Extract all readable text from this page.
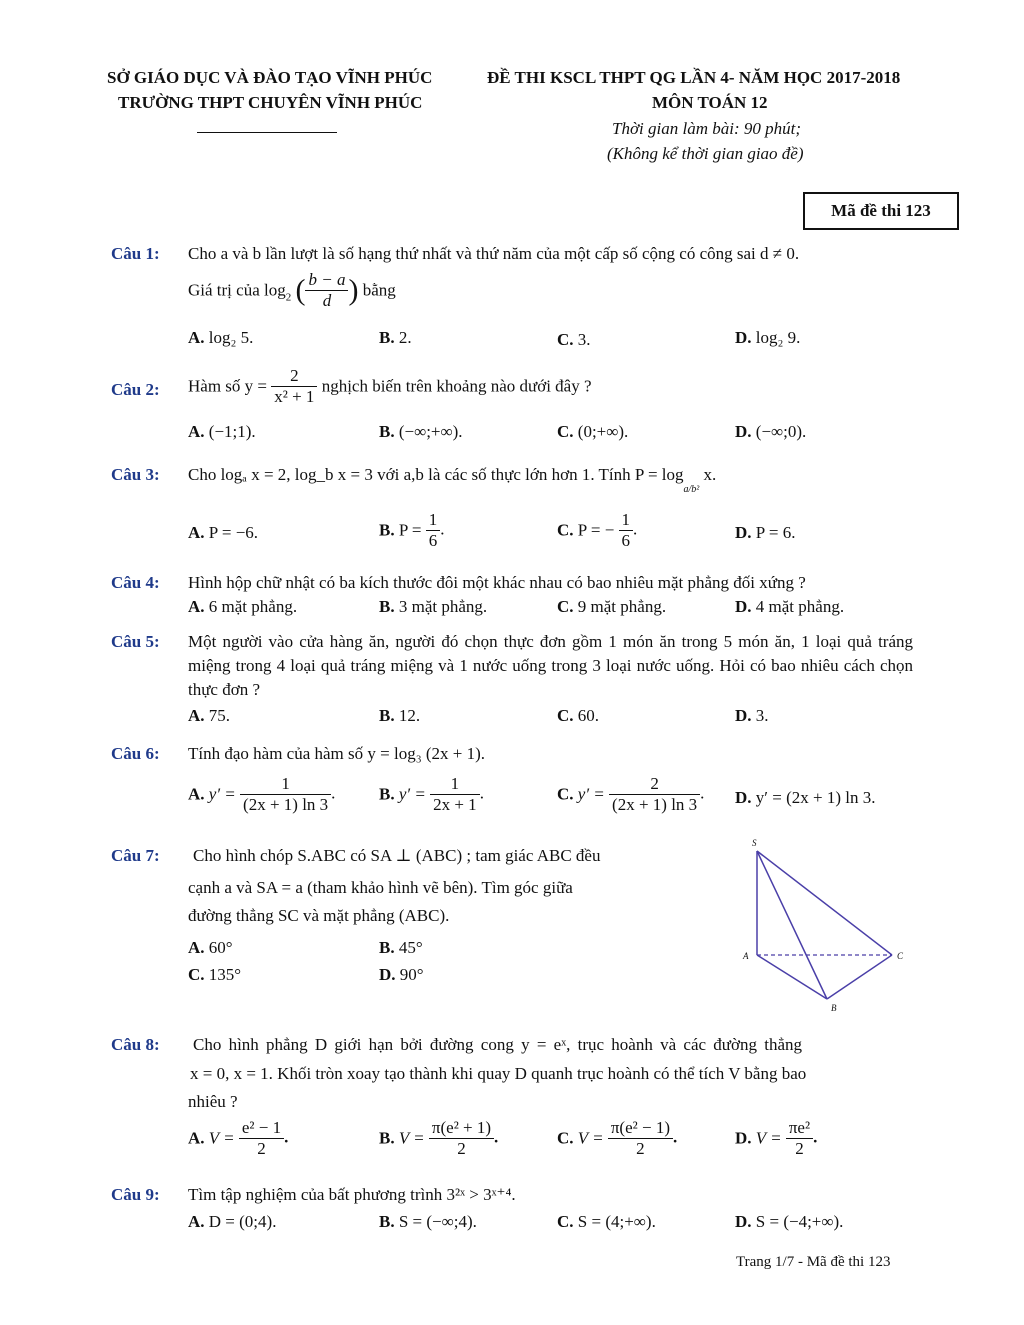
SỞ GIÁO DỤC VÀ ĐÀO TẠO VĨNH PHÚC
TRƯỜNG THPT CHUYÊN VĨNH PHÚC
ĐỀ THI KSCL THPT QG LẦN 4- NĂM HỌC 2017-2018
MÔN TOÁN 12
Thời gian làm bài: 90 phút;
(Không kể thời gian giao đề)
Mã đề thi 123
Câu 1: Cho a và b lần lượt là số hạng thứ nhất và thứ năm của một cấp số cộng có công sai d ≠ 0.
Giá trị của $\log_2$ ( $\frac{b - a}{d}$ ) bằng
A. log₂ 5.	B. 2.	C. 3.	D. log₂ 9.
Câu 2: Hàm số $y = \frac{2}{\text{x² + 1}}$ nghịch biến trên khoảng nào dưới đây ?
A. (−1;1).	B. (−∞;+∞).	C. (0;+∞).	D. (−∞;0).
Câu 3: Cho logₐ x = 2, log_b x = 3 với a,b là các số thực lớn hơn 1. Tính $P = \log_{a/b^2} x$.
A. P = −6.	B. $P = \frac{1}{6}$ .	C. P = − $\frac{1}{6}$ .	D. P = 6.
Câu 4: Hình hộp chữ nhật có ba kích thước đôi một khác nhau có bao nhiêu mặt phẳng đối xứng ?
A. 6 mặt phẳng.	B. 3 mặt phẳng.	C. 9 mặt phẳng.	D. 4 mặt phẳng.
Câu 5: Một người vào cửa hàng ăn, người đó chọn thực đơn gồm 1 món ăn trong 5 món ăn, 1 loại quả tráng miệng trong 4 loại quả tráng miệng và 1 nước uống trong 3 loại nước uống. Hỏi có bao nhiêu cách chọn thực đơn ?
A. 75.	B. 12.	C. 60.	D. 3.
Câu 6: Tính đạo hàm của hàm số y = log₃ (2x + 1).
A. $y' = \frac{1}{(2x + 1) \ln 3}$ .	B. $y' = \frac{1}{2x + 1}$ .	C. $y' = \frac{2}{(2x + 1) \ln 3}$ . D. y′ = (2x + 1) ln 3.
Câu 7: Cho hình chóp S.ABC có SA ⊥ (ABC) ; tam giác ABC đều
cạnh a và SA = a (tham khảo hình vẽ bên). Tìm góc giữa
đường thẳng SC và mặt phẳng (ABC).
A. 60°	B. 45°
C. 135°	D. 90°
S
A
B
C
Câu 8: Cho hình phẳng D giới hạn bởi đường cong y = eˣ, trục hoành và các đường thẳng
x = 0, x = 1. Khối tròn xoay tạo thành khi quay D quanh trục hoành có thể tích V bằng bao
nhiêu ?
A. $V = \frac{\text{e² − 1}}{2}$ .	B. $V = \frac{\text{π(e² + 1)}}{2}$ .	C. $V = \frac{\text{π(e² − 1)}}{2}$ .	D. $V = \frac{\text{πe²}}{2}$ .
Câu 9: Tìm tập nghiệm của bất phương trình 3²ˣ > 3ˣ⁺⁴.
A. D = (0;4).	B. S = (−∞;4).	C. S = (4;+∞).	D. S = (−4;+∞).
Trang 1/7 - Mã đề thi 123
